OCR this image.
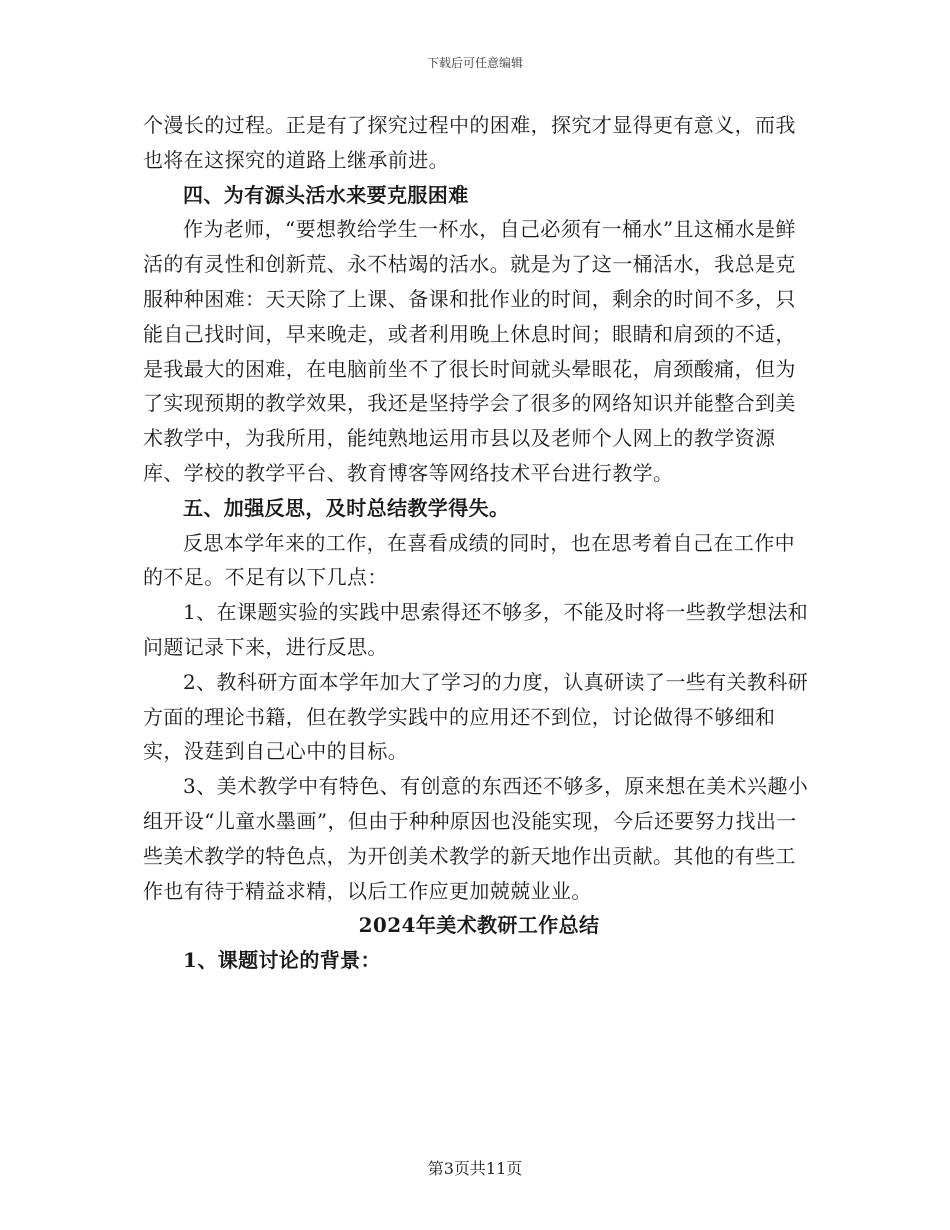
下载后可任意编辑

个漫长的过程。正是有了探究过程中的困难，探究才显得更有意义，而我也将在这探究的道路上继承前进。

四、为有源头活水来要克服困难

作为老师，“要想教给学生一杯水，自己必须有一桶水”且这桶水是鲜活的有灵性和创新荒、永不枯竭的活水。就是为了这一桶活水，我总是克服种种困难：天天除了上课、备课和批作业的时间，剩余的时间不多，只能自己找时间，早来晚走，或者利用晚上休息时间；眼睛和肩颈的不适，是我最大的困难，在电脑前坐不了很长时间就头晕眼花，肩颈酸痛，但为了实现预期的教学效果，我还是坚持学会了很多的网络知识并能整合到美术教学中，为我所用，能纯熟地运用市县以及老师个人网上的教学资源库、学校的教学平台、教育博客等网络技术平台进行教学。

五、加强反思，及时总结教学得失。

反思本学年来的工作，在喜看成绩的同时，也在思考着自己在工作中的不足。不足有以下几点：

1、在课题实验的实践中思索得还不够多，不能及时将一些教学想法和问题记录下来，进行反思。

2、教科研方面本学年加大了学习的力度，认真研读了一些有关教科研方面的理论书籍，但在教学实践中的应用还不到位，讨论做得不够细和实，没莛到自己心中的目标。

3、美术教学中有特色、有创意的东西还不够多，原来想在美术兴趣小组开设“儿童水墨画”，但由于种种原因也没能实现，今后还要努力找出一些美术教学的特色点，为开创美术教学的新天地作出贡献。其他的有些工作也有待于精益求精，以后工作应更加兢兢业业。

2024年美术教研工作总结

1、课题讨论的背景：

第3页共11页
